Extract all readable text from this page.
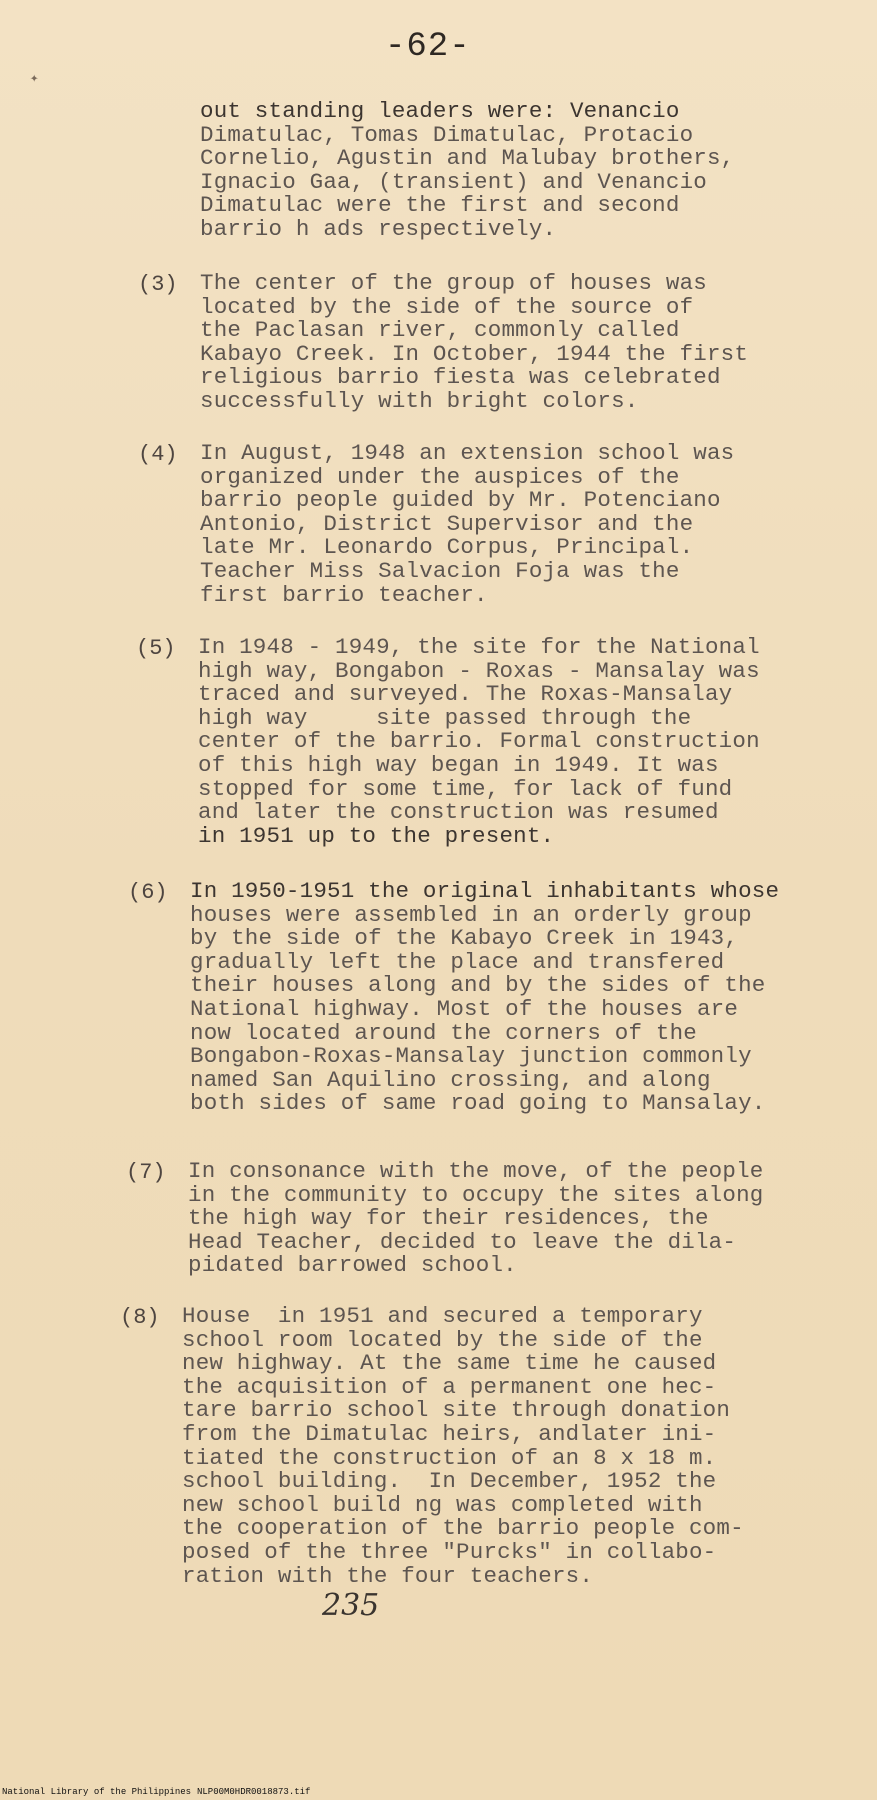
-62-
✦
out standing leaders were: Venancio
Dimatulac, Tomas Dimatulac, Protacio
Cornelio, Agustin and Malubay brothers,
Ignacio Gaa, (transient) and Venancio
Dimatulac were the first and second
barrio h ads respectively.
(3) The center of the group of houses was
located by the side of the source of
the Paclasan river, commonly called
Kabayo Creek. In October, 1944 the first
religious barrio fiesta was celebrated
successfully with bright colors.
(4) In August, 1948 an extension school was
organized under the auspices of the
barrio people guided by Mr. Potenciano
Antonio, District Supervisor and the
late Mr. Leonardo Corpus, Principal.
Teacher Miss Salvacion Foja was the
first barrio teacher.
(5) In 1948 - 1949, the site for the National
high way, Bongabon - Roxas - Mansalay was
traced and surveyed. The Roxas-Mansalay
high way     site passed through the
center of the barrio. Formal construction
of this high way began in 1949. It was
stopped for some time, for lack of fund
and later the construction was resumed
in 1951 up to the present.
(6) In 1950-1951 the original inhabitants whose
houses were assembled in an orderly group
by the side of the Kabayo Creek in 1943,
gradually left the place and transfered
their houses along and by the sides of the
National highway. Most of the houses are
now located around the corners of the
Bongabon-Roxas-Mansalay junction commonly
named San Aquilino crossing, and along
both sides of same road going to Mansalay.
(7) In consonance with the move, of the people
in the community to occupy the sites along
the high way for their residences, the
Head Teacher, decided to leave the dila-
pidated barrowed school.
(8) House  in 1951 and secured a temporary
school room located by the side of the
new highway. At the same time he caused
the acquisition of a permanent one hec-
tare barrio school site through donation
from the Dimatulac heirs, andlater ini-
tiated the construction of an 8 x 18 m.
school building.  In December, 1952 the
new school build ng was completed with
the cooperation of the barrio people com-
posed of the three "Purcks" in collabo-
ration with the four teachers.
235
National Library of the Philippines NLP00M0HDR0018873.tif
